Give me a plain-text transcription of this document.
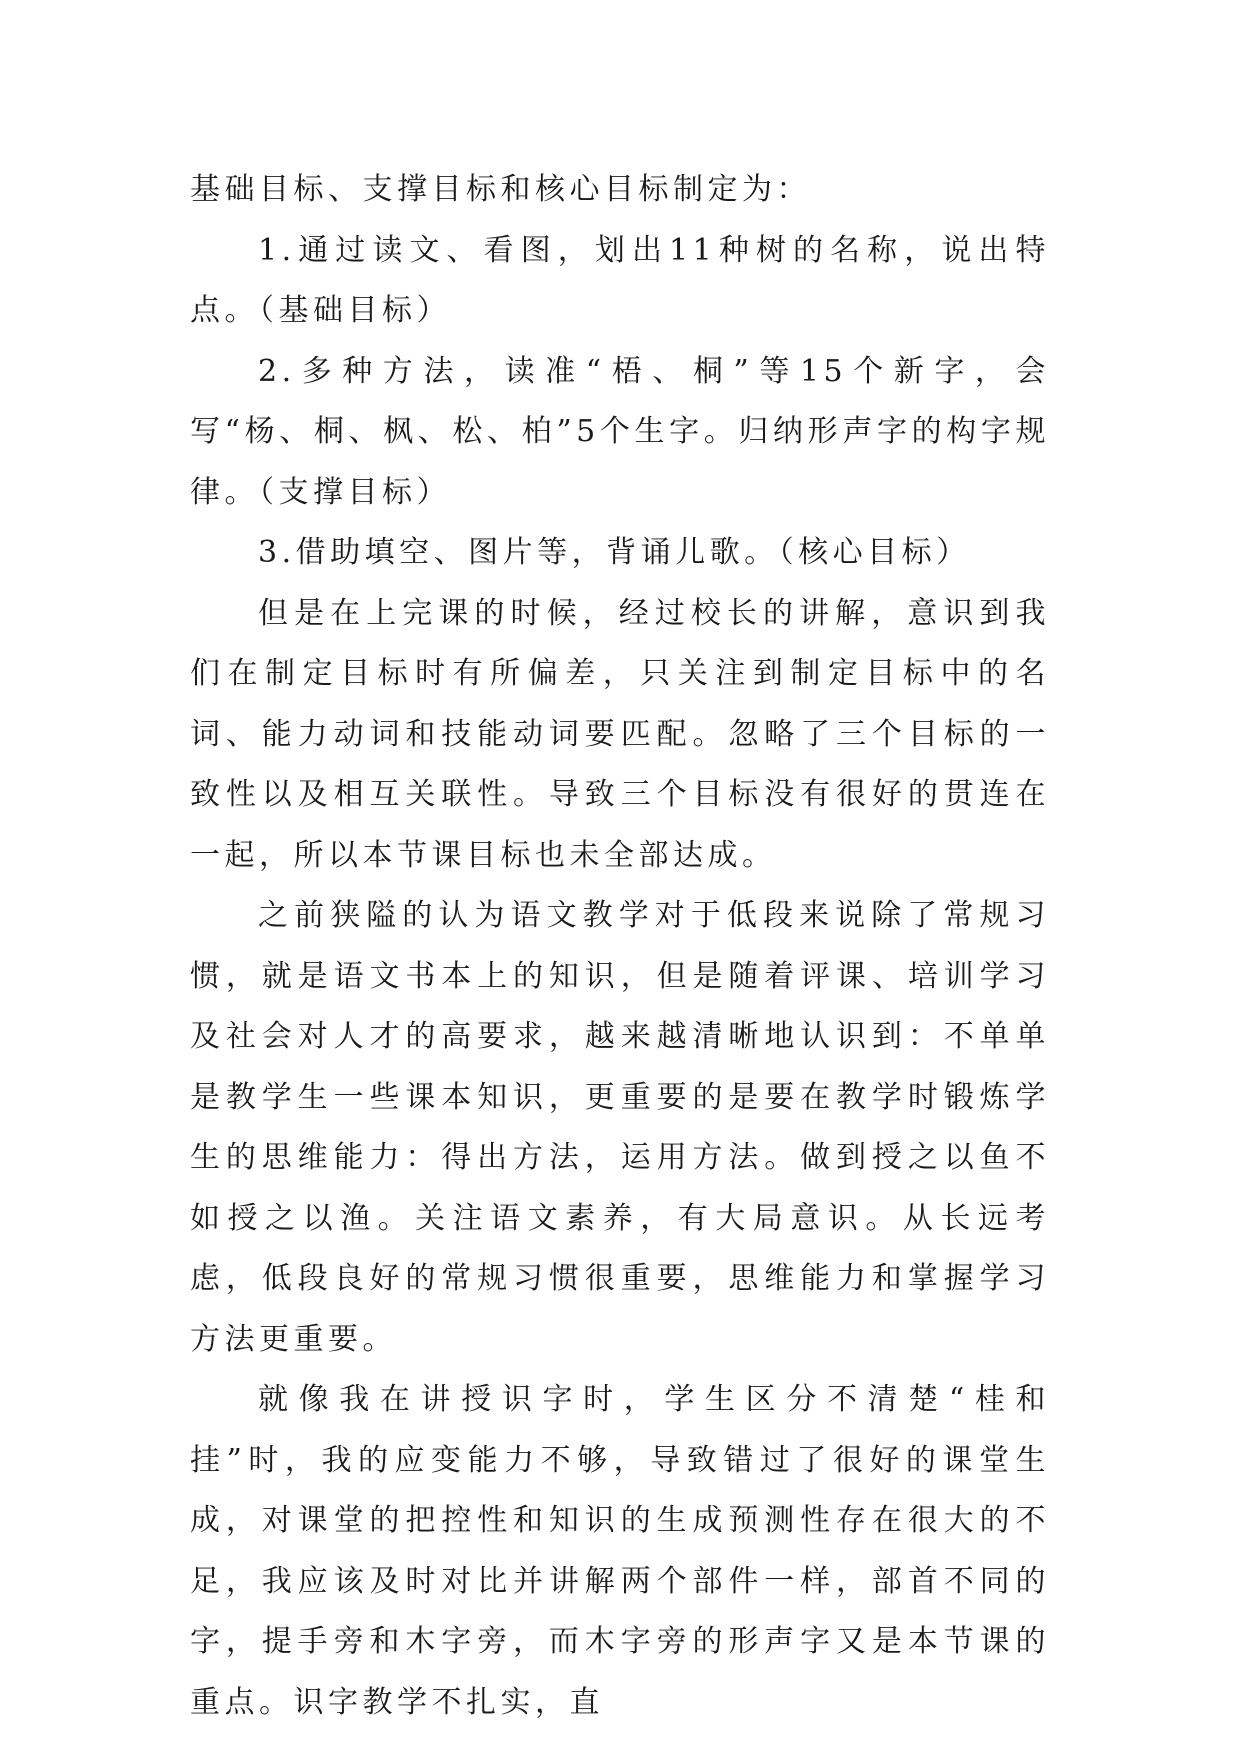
基础目标、支撑目标和核心目标制定为：

1.通过读文、看图，划出11种树的名称，说出特点。（基础目标）

2.多种方法，读准“梧、桐”等15个新字，会写“杨、桐、枫、松、柏”5个生字。归纳形声字的构字规律。（支撑目标）

3.借助填空、图片等，背诵儿歌。（核心目标）

但是在上完课的时候，经过校长的讲解，意识到我们在制定目标时有所偏差，只关注到制定目标中的名词、能力动词和技能动词要匹配。忽略了三个目标的一致性以及相互关联性。导致三个目标没有很好的贯连在一起，所以本节课目标也未全部达成。

之前狭隘的认为语文教学对于低段来说除了常规习惯，就是语文书本上的知识，但是随着评课、培训学习及社会对人才的高要求，越来越清晰地认识到：不单单是教学生一些课本知识，更重要的是要在教学时锻炼学生的思维能力：得出方法，运用方法。做到授之以鱼不如授之以渔。关注语文素养，有大局意识。从长远考虑，低段良好的常规习惯很重要，思维能力和掌握学习方法更重要。

就像我在讲授识字时，学生区分不清楚“桂和挂”时，我的应变能力不够，导致错过了很好的课堂生成，对课堂的把控性和知识的生成预测性存在很大的不足，我应该及时对比并讲解两个部件一样，部首不同的字，提手旁和木字旁，而木字旁的形声字又是本节课的重点。识字教学不扎实，直
